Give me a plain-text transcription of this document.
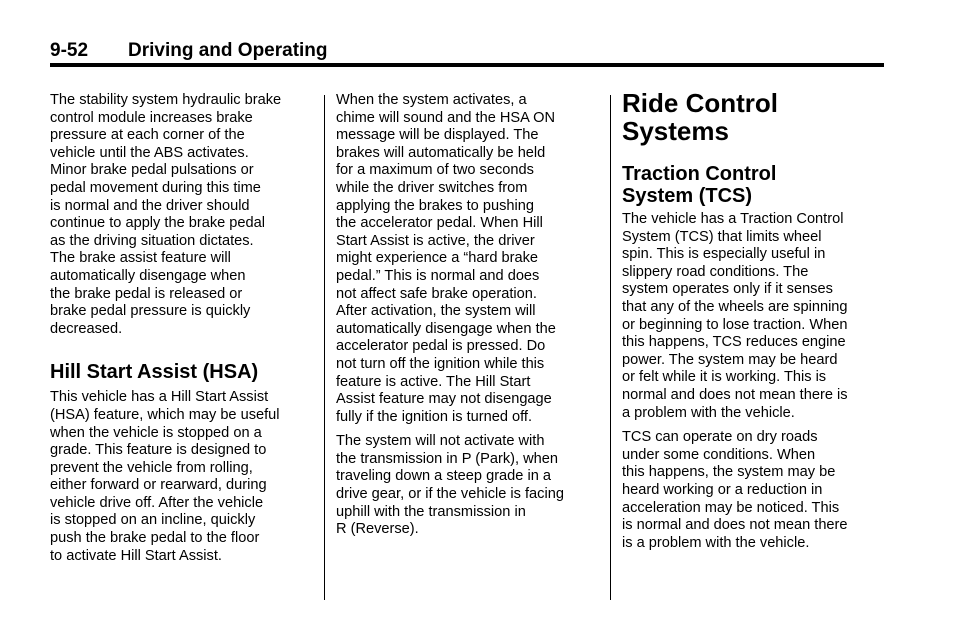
9-52 Driving and Operating
The stability system hydraulic brake
control module increases brake
pressure at each corner of the
vehicle until the ABS activates.
Minor brake pedal pulsations or
pedal movement during this time
is normal and the driver should
continue to apply the brake pedal
as the driving situation dictates.
The brake assist feature will
automatically disengage when
the brake pedal is released or
brake pedal pressure is quickly
decreased.
Hill Start Assist (HSA)
This vehicle has a Hill Start Assist
(HSA) feature, which may be useful
when the vehicle is stopped on a
grade. This feature is designed to
prevent the vehicle from rolling,
either forward or rearward, during
vehicle drive off. After the vehicle
is stopped on an incline, quickly
push the brake pedal to the floor
to activate Hill Start Assist.
When the system activates, a
chime will sound and the HSA ON
message will be displayed. The
brakes will automatically be held
for a maximum of two seconds
while the driver switches from
applying the brakes to pushing
the accelerator pedal. When Hill
Start Assist is active, the driver
might experience a “hard brake
pedal.” This is normal and does
not affect safe brake operation.
After activation, the system will
automatically disengage when the
accelerator pedal is pressed. Do
not turn off the ignition while this
feature is active. The Hill Start
Assist feature may not disengage
fully if the ignition is turned off.
The system will not activate with
the transmission in P (Park), when
traveling down a steep grade in a
drive gear, or if the vehicle is facing
uphill with the transmission in
R (Reverse).
Ride Control Systems
Traction Control
System (TCS)
The vehicle has a Traction Control
System (TCS) that limits wheel
spin. This is especially useful in
slippery road conditions. The
system operates only if it senses
that any of the wheels are spinning
or beginning to lose traction. When
this happens, TCS reduces engine
power. The system may be heard
or felt while it is working. This is
normal and does not mean there is
a problem with the vehicle.
TCS can operate on dry roads
under some conditions. When
this happens, the system may be
heard working or a reduction in
acceleration may be noticed. This
is normal and does not mean there
is a problem with the vehicle.
